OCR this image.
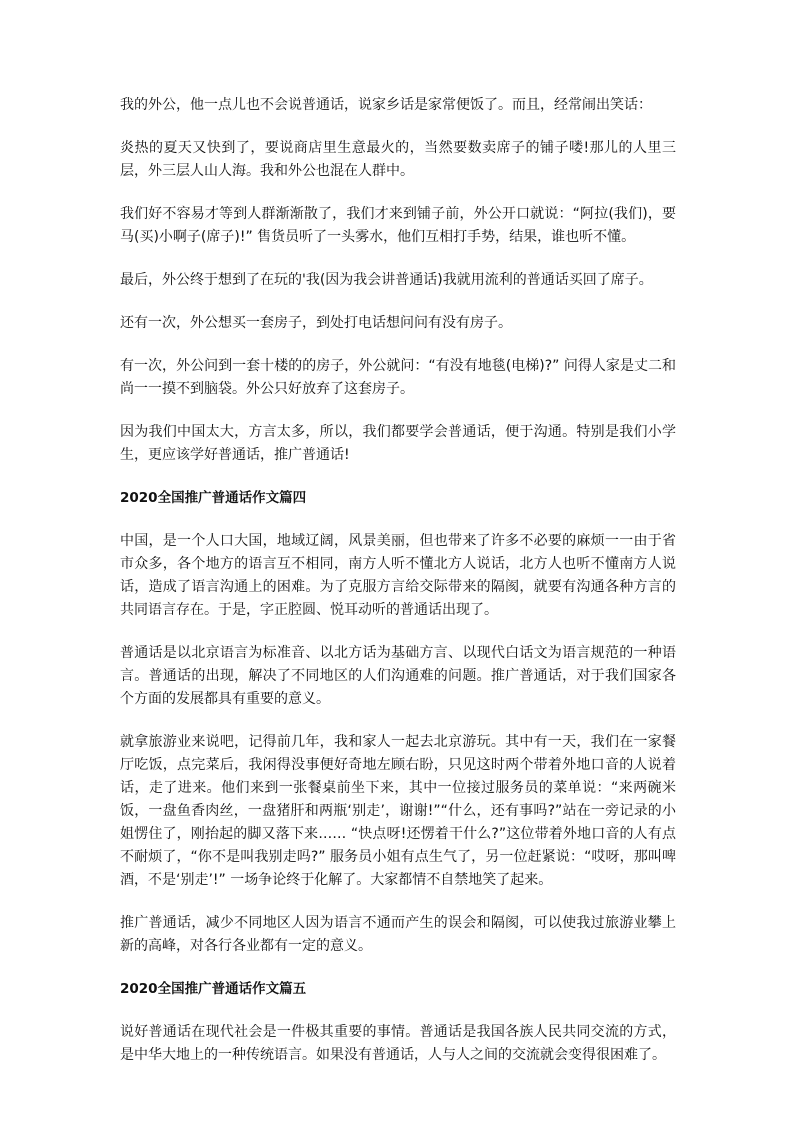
我的外公，他一点儿也不会说普通话，说家乡话是家常便饭了。而且，经常闹出笑话：

炎热的夏天又快到了，要说商店里生意最火的，当然要数卖席子的铺子喽!那儿的人里三层，外三层人山人海。我和外公也混在人群中。

我们好不容易才等到人群渐渐散了，我们才来到铺子前，外公开口就说：“阿拉(我们)，要马(买)小啊子(席子)!” 售货员听了一头雾水，他们互相打手势，结果，谁也听不懂。

最后，外公终于想到了在玩的'我(因为我会讲普通话)我就用流利的普通话买回了席子。

还有一次，外公想买一套房子，到处打电话想问问有没有房子。

有一次，外公问到一套十楼的的房子，外公就问：“有没有地毯(电梯)?” 问得人家是丈二和尚一一摸不到脑袋。外公只好放弃了这套房子。

因为我们中国太大，方言太多，所以，我们都要学会普通话，便于沟通。特别是我们小学生，更应该学好普通话，推广普通话!

2020全国推广普通话作文篇四

中国，是一个人口大国，地域辽阔，风景美丽，但也带来了许多不必要的麻烦一一由于省市众多，各个地方的语言互不相同，南方人听不懂北方人说话，北方人也听不懂南方人说话，造成了语言沟通上的困难。为了克服方言给交际带来的隔阂，就要有沟通各种方言的共同语言存在。于是，字正腔圆、悦耳动听的普通话出现了。

普通话是以北京语言为标准音、以北方话为基础方言、以现代白话文为语言规范的一种语言。普通话的出现，解决了不同地区的人们沟通难的问题。推广普通话，对于我们国家各个方面的发展都具有重要的意义。

就拿旅游业来说吧，记得前几年，我和家人一起去北京游玩。其中有一天，我们在一家餐厅吃饭，点完菜后，我闲得没事便好奇地左顾右盼，只见这时两个带着外地口音的人说着话，走了进来。他们来到一张餐桌前坐下来，其中一位接过服务员的菜单说：“来两碗米饭，一盘鱼香肉丝，一盘猪肝和两瓶‘别走’，谢谢!”“什么，还有事吗?”站在一旁记录的小姐愣住了，刚抬起的脚又落下来…… “快点呀!还愣着干什么?”这位带着外地口音的人有点不耐烦了，“你不是叫我别走吗?” 服务员小姐有点生气了，另一位赶紧说：“哎呀，那叫啤酒，不是‘别走’!” 一场争论终于化解了。大家都情不自禁地笑了起来。

推广普通话，减少不同地区人因为语言不通而产生的误会和隔阂，可以使我过旅游业攀上新的高峰，对各行各业都有一定的意义。

2020全国推广普通话作文篇五

说好普通话在现代社会是一件极其重要的事情。普通话是我国各族人民共同交流的方式，是中华大地上的一种传统语言。如果没有普通话，人与人之间的交流就会变得很困难了。
